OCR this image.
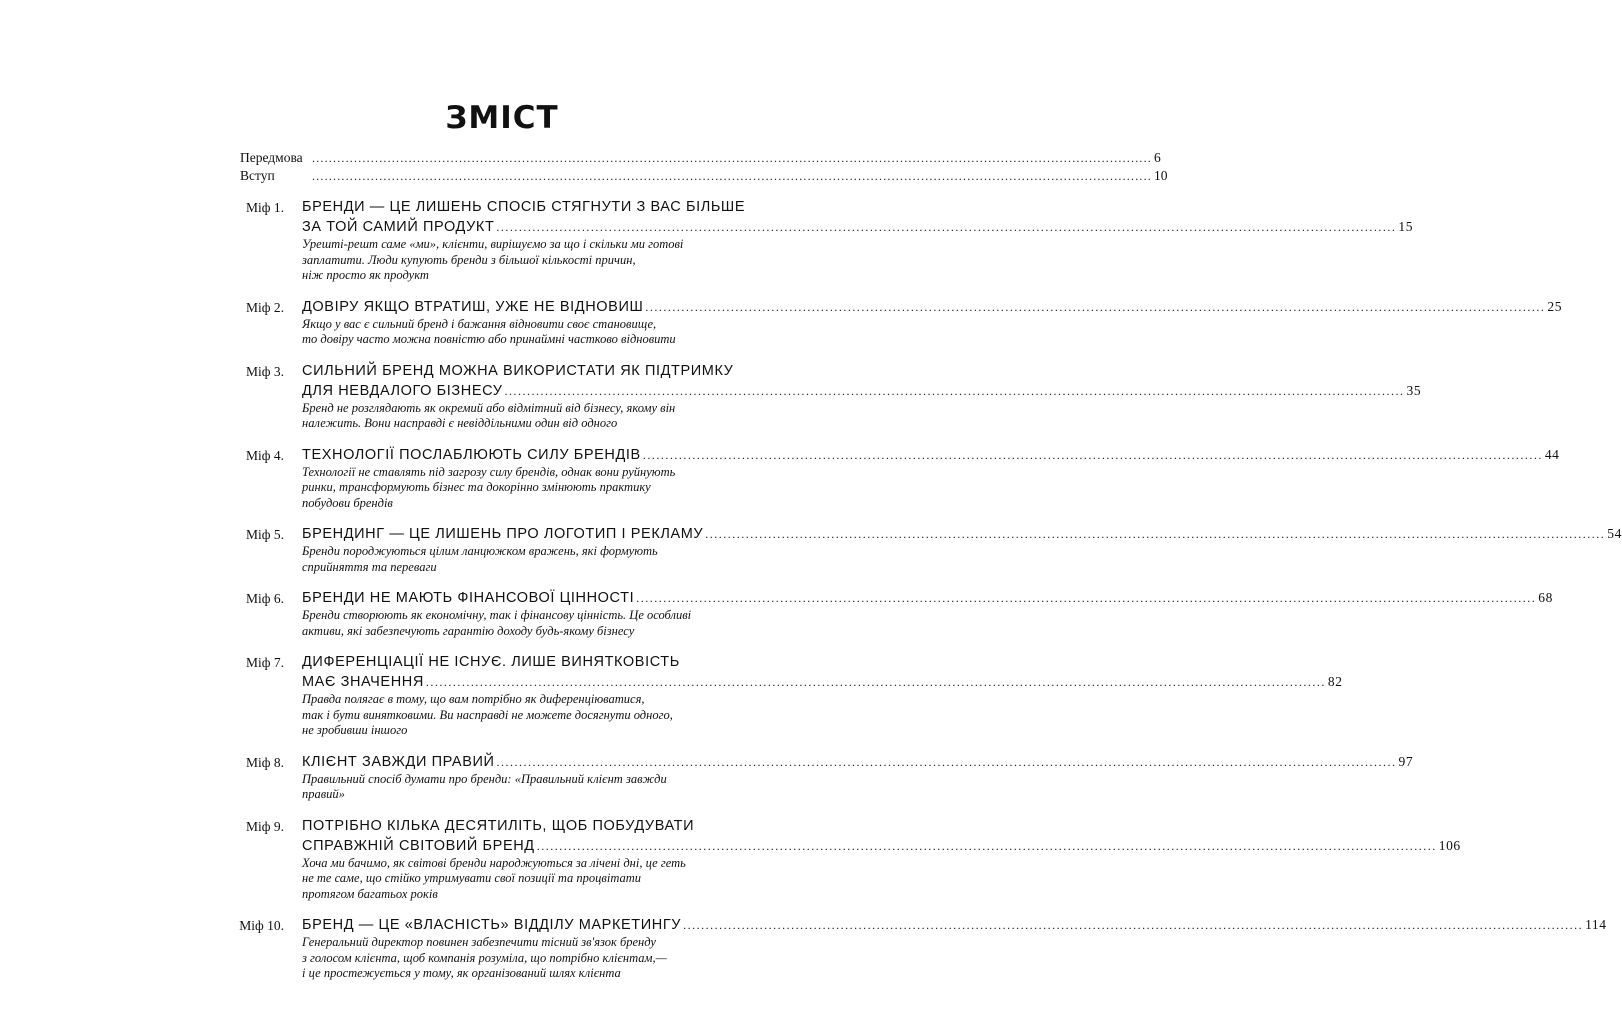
ЗМІСТ
Передмова ........................................................................................................................................................................................................ 6
Вступ	........................................................................................................................................................................................................ 10
Міф 1. БРЕНДИ — ЦЕ ЛИШЕНЬ СПОСІБ СТЯГНУТИ З ВАС БІЛЬШЕ
ЗА ТОЙ САМИЙ ПРОДУКТ ........................................................................................................................................................................................................ 15
Урешті-решт саме «ми», клієнти, вирішуємо за що і скільки ми готові
заплатити. Люди купують бренди з більшої кількості причин,
ніж просто як продукт
Міф 2. ДОВІРУ ЯКЩО ВТРАТИШ, УЖЕ НЕ ВІДНОВИШ ........................................................................................................................................................................................................ 25
Якщо у вас є сильний бренд і бажання відновити своє становище,
то довіру часто можна повністю або принаймні частково відновити
Міф 3. СИЛЬНИЙ БРЕНД МОЖНА ВИКОРИСТАТИ ЯК ПІДТРИМКУ
ДЛЯ НЕВДАЛОГО БІЗНЕСУ ........................................................................................................................................................................................................ 35
Бренд не розглядають як окремий або відмітний від бізнесу, якому він
належить. Вони насправді є невіддільними один від одного
Міф 4. ТЕХНОЛОГІЇ ПОСЛАБЛЮЮТЬ СИЛУ БРЕНДІВ ........................................................................................................................................................................................................ 44
Технології не ставлять під загрозу силу брендів, однак вони руйнують
ринки, трансформують бізнес та докорінно змінюють практику
побудови брендів
Міф 5. БРЕНДИНГ — ЦЕ ЛИШЕНЬ ПРО ЛОГОТИП І РЕКЛАМУ ........................................................................................................................................................................................................ 54
Бренди породжуються цілим ланцюжком вражень, які формують
сприйняття та переваги
Міф 6. БРЕНДИ НЕ МАЮТЬ ФІНАНСОВОЇ ЦІННОСТІ ........................................................................................................................................................................................................ 68
Бренди створюють як економічну, так і фінансову цінність. Це особливі
активи, які забезпечують гарантію доходу будь-якому бізнесу
Міф 7. ДИФЕРЕНЦІАЦІЇ НЕ ІСНУЄ. ЛИШЕ ВИНЯТКОВІСТЬ
МАЄ ЗНАЧЕННЯ ........................................................................................................................................................................................................ 82
Правда полягає в тому, що вам потрібно як диференціюватися,
так і бути винятковими. Ви насправді не можете досягнути одного,
не зробивши іншого
Міф 8. КЛІЄНТ ЗАВЖДИ ПРАВИЙ ........................................................................................................................................................................................................ 97
Правильний спосіб думати про бренди: «Правильний клієнт завжди
правий»
Міф 9. ПОТРІБНО КІЛЬКА ДЕСЯТИЛІТЬ, ЩОБ ПОБУДУВАТИ
СПРАВЖНІЙ СВІТОВИЙ БРЕНД ........................................................................................................................................................................................................ 106
Хоча ми бачимо, як світові бренди народжуються за лічені дні, це геть
не те саме, що стійко утримувати свої позиції та процвітати
протягом багатьох років
Міф 10. БРЕНД — ЦЕ «ВЛАСНІСТЬ» ВІДДІЛУ МАРКЕТИНГУ ........................................................................................................................................................................................................ 114
Генеральний директор повинен забезпечити тісний зв'язок бренду
з голосом клієнта, щоб компанія розуміла, що потрібно клієнтам,—
і це простежується у тому, як організований шлях клієнта
